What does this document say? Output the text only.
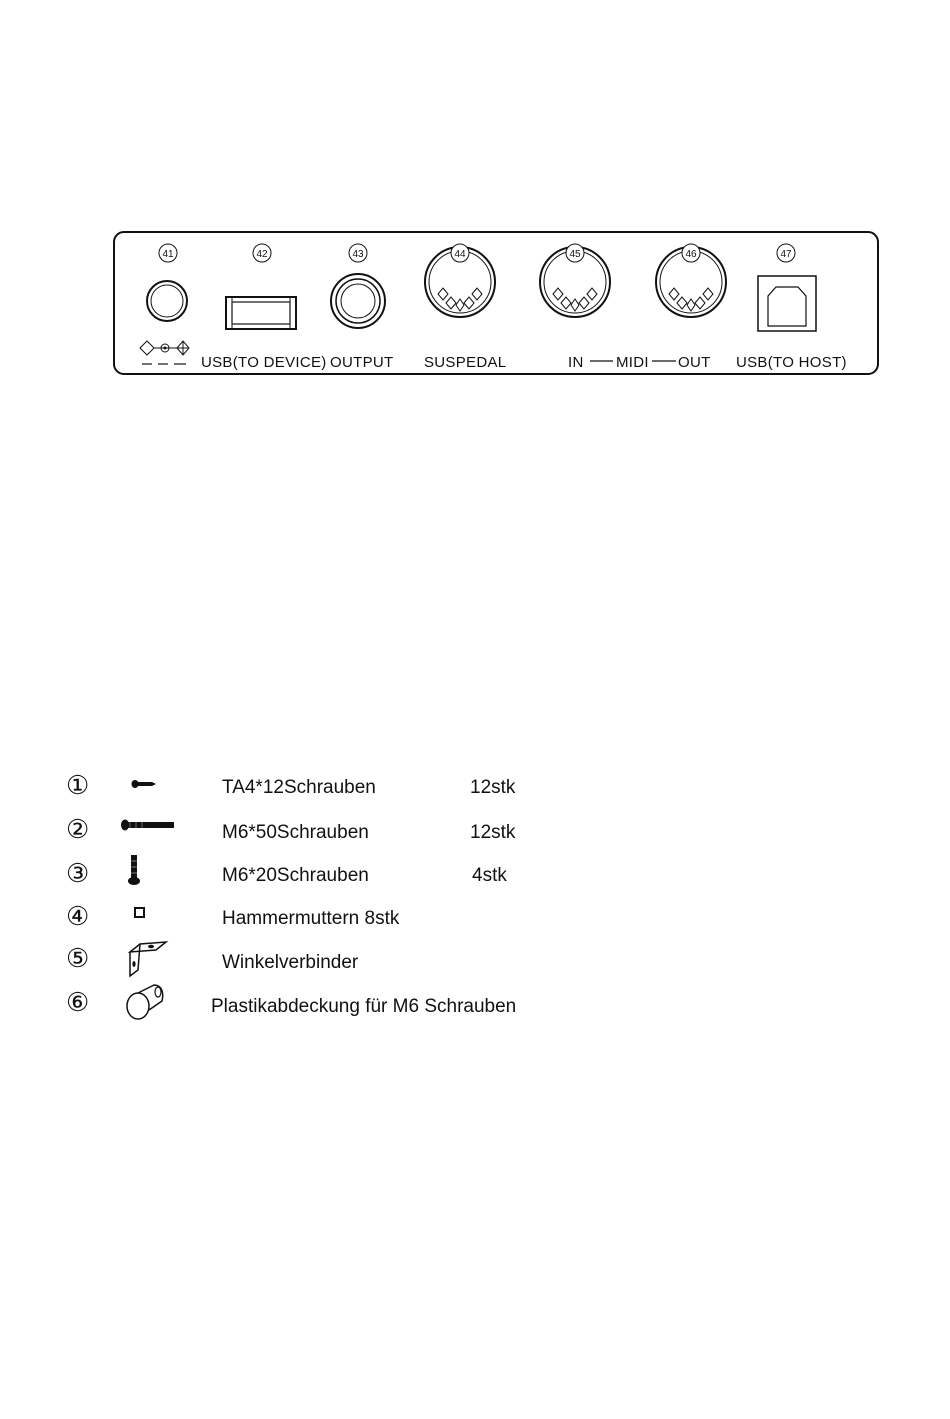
41	42
USB(TO DEVICE)
43
OUTPUT
44
SUSPEDAL
45	46
IN MIDI OUT
47
USB(TO HOST)
①	TA4*12Schrauben	12stk
②	M6*50Schrauben	12stk
③	M6*20Schrauben	4stk
④	Hammermuttern 8stk
⑤	Winkelverbinder
⑥	Plastikabdeckung für M6 Schrauben
